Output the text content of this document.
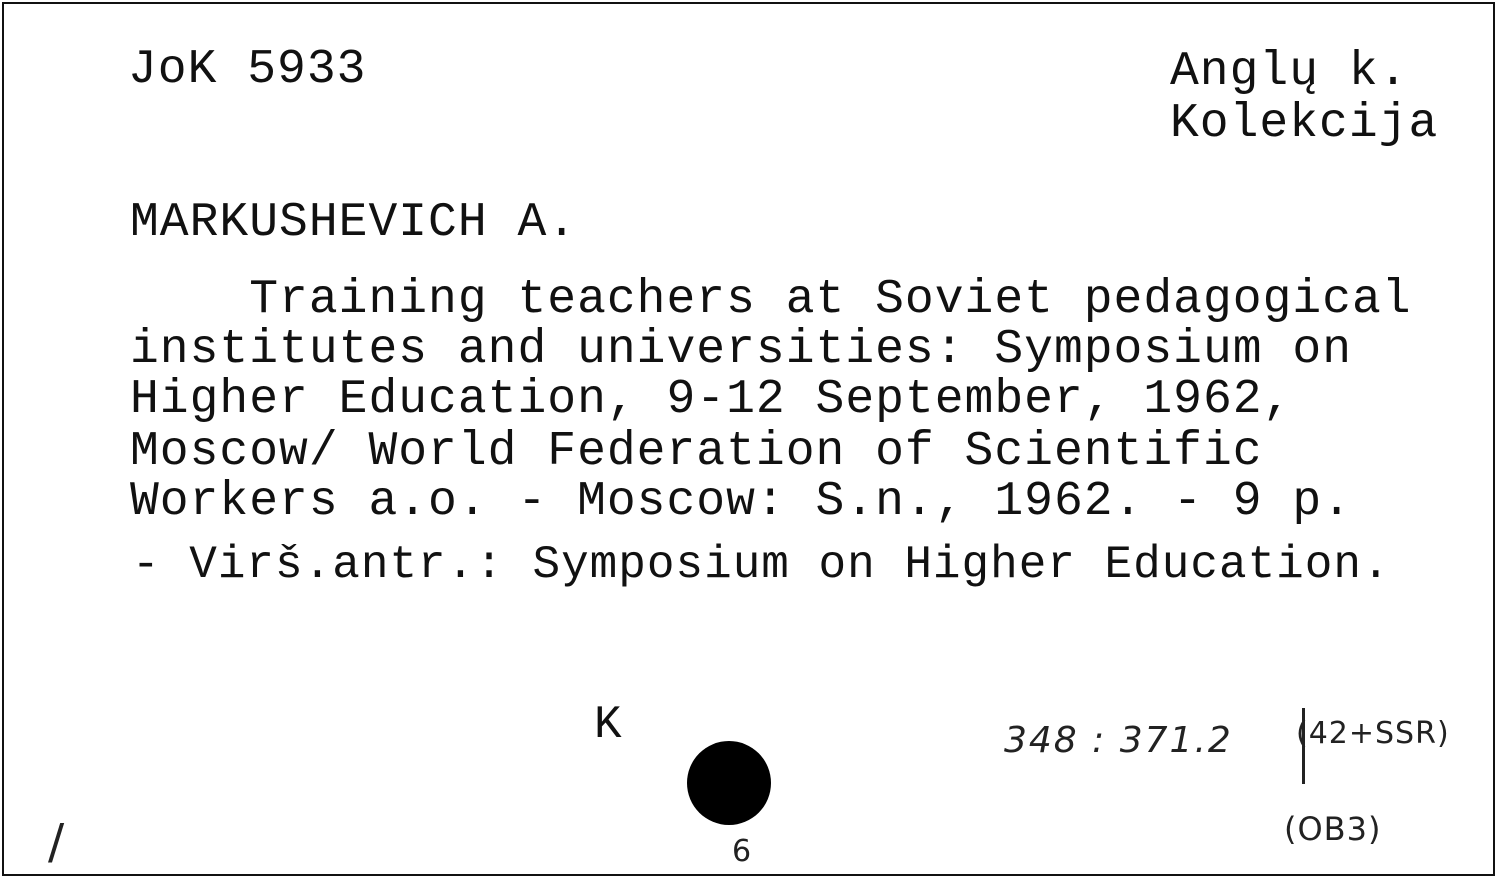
JoK 5933	Anglų k.
Kolekcija
MARKUSHEVICH A.
Training teachers at Soviet pedagogical
institutes and universities: Symposium on
Higher Education, 9-12 September, 1962,
Moscow/ World Federation of Scientific
Workers a.o. - Moscow: S.n., 1962. - 9 p.
- Virš.antr.: Symposium on Higher Education.
K	348 : 371.2 (42+SSR)
(OB3)
6
/
